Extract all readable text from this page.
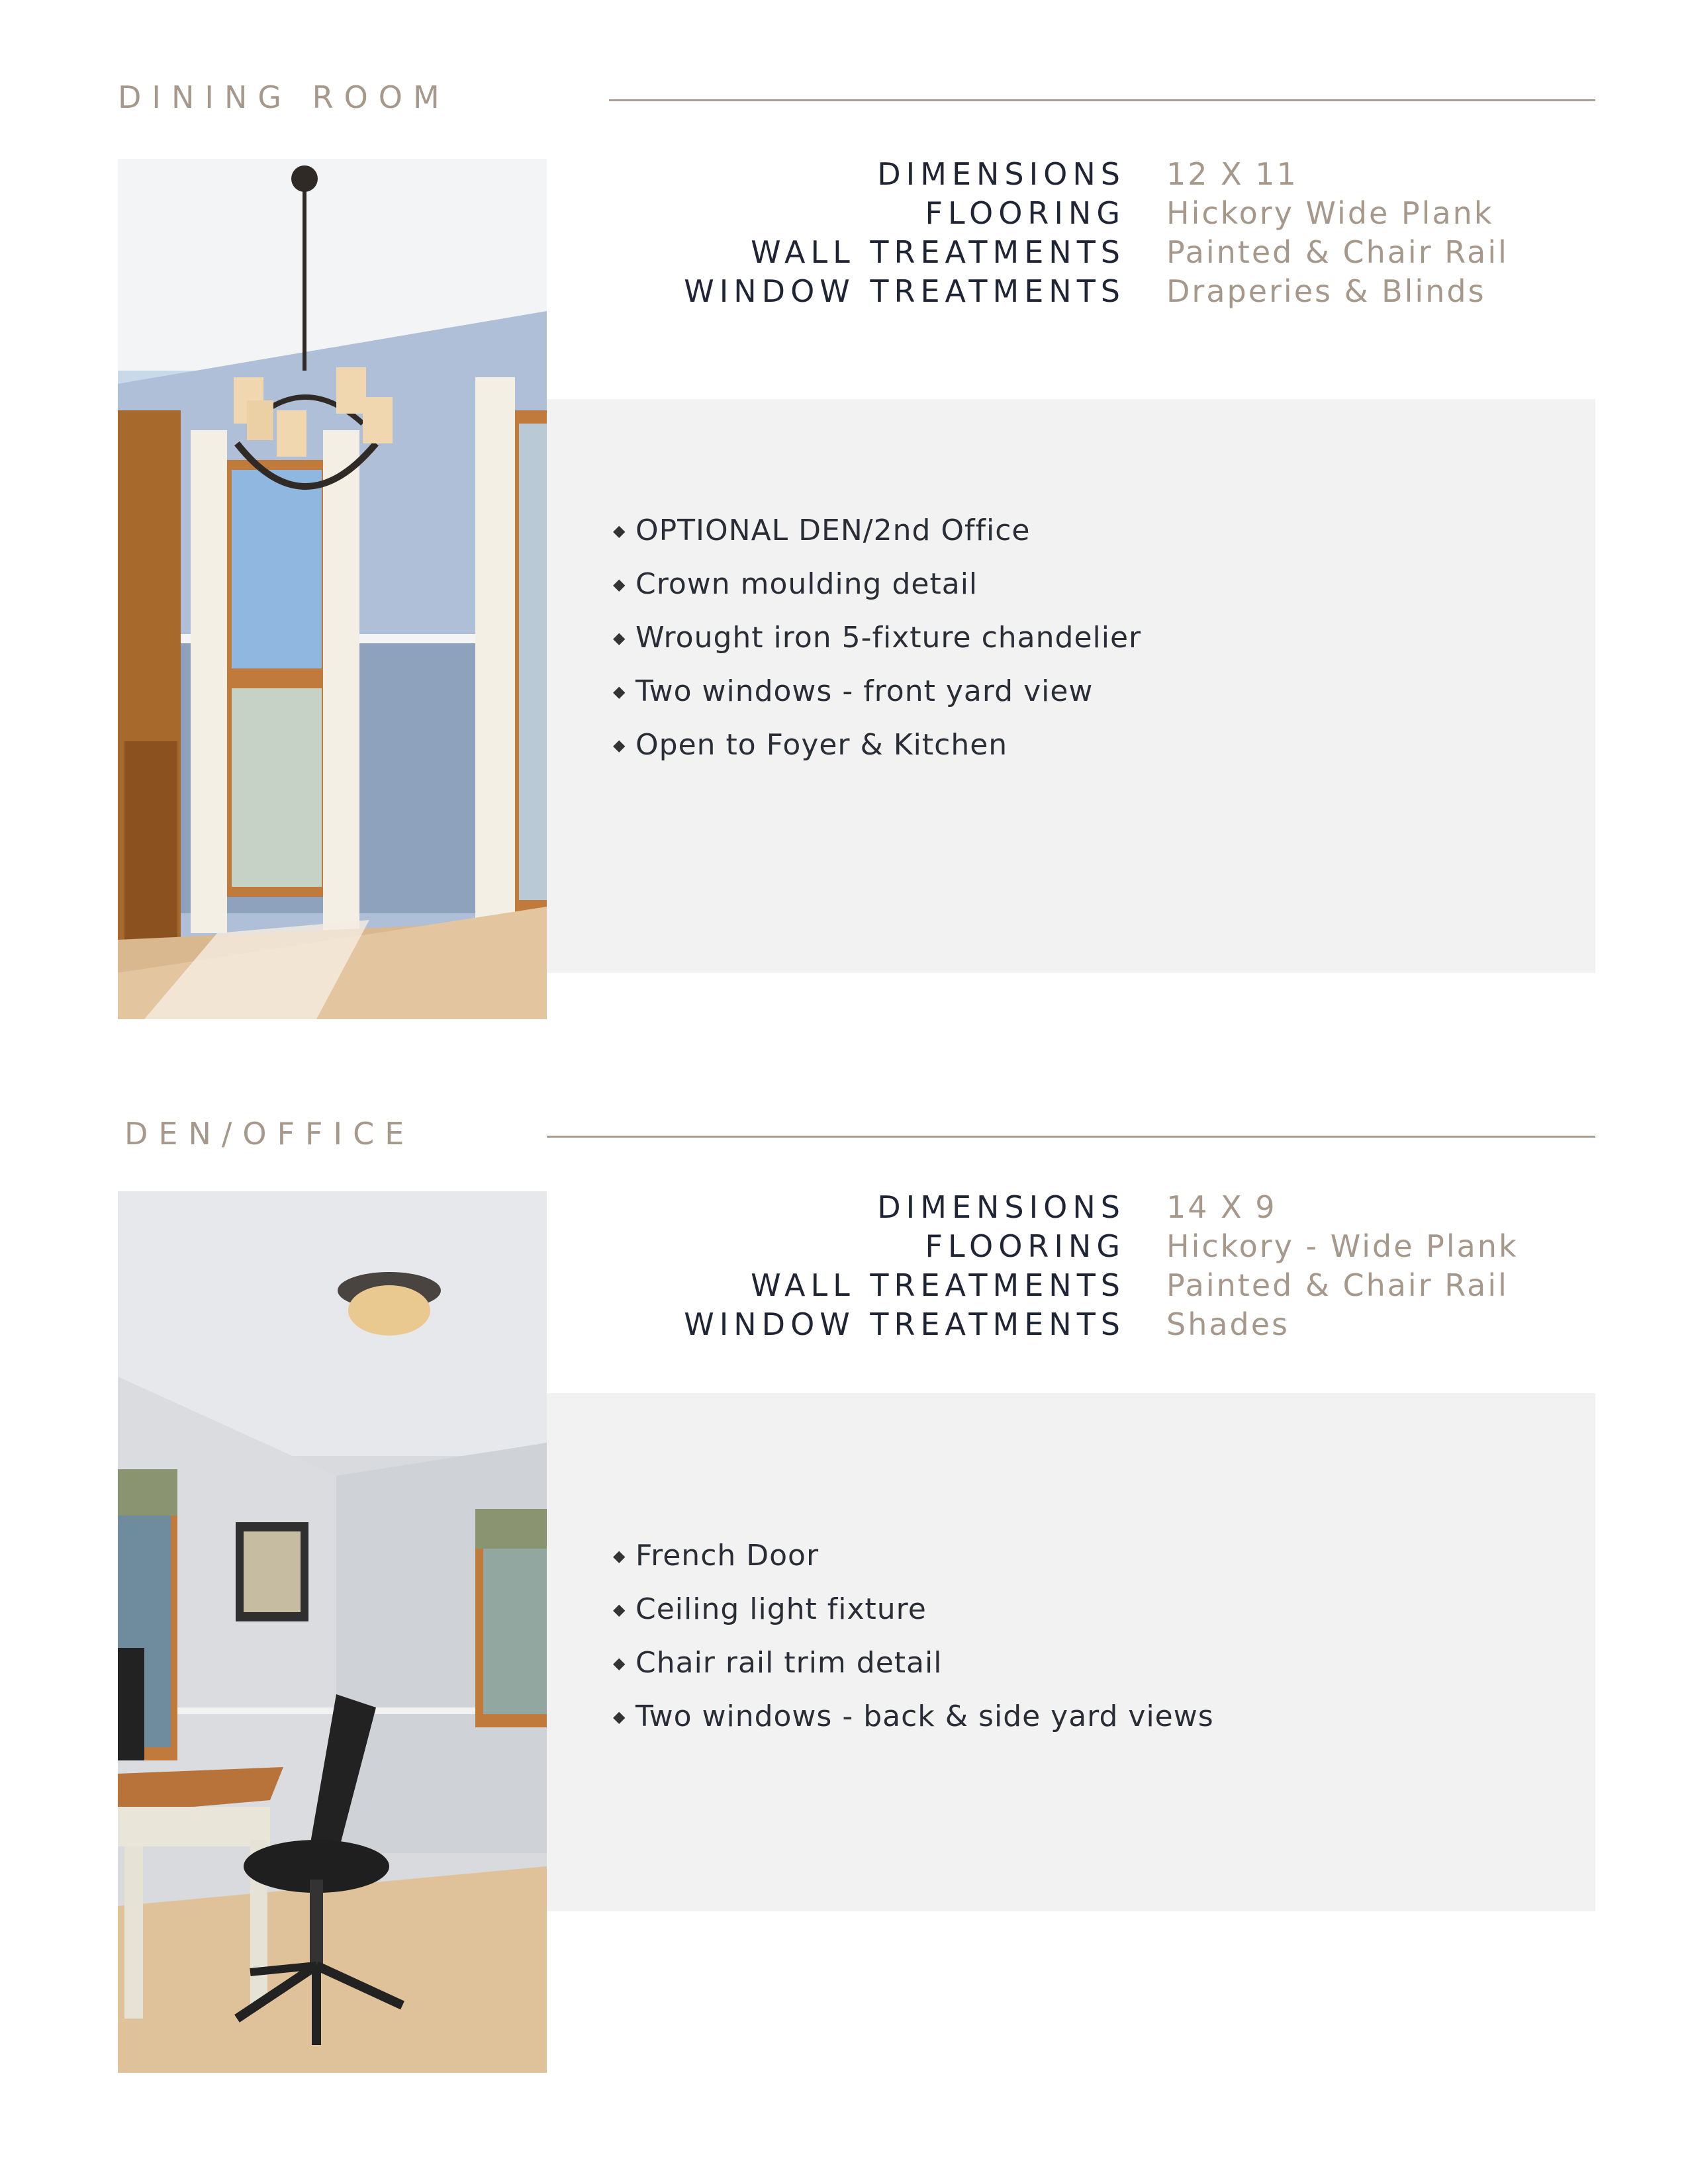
DINING ROOM
DIMENSIONS	12 X 11
FLOORING	Hickory Wide Plank
WALL TREATMENTS	Painted & Chair Rail
WINDOW TREATMENTS	Draperies & Blinds
◆ OPTIONAL DEN/2nd Office
◆ Crown moulding detail
◆ Wrought iron 5-fixture chandelier
◆ Two windows - front yard view
◆ Open to Foyer & Kitchen
DEN/OFFICE
DIMENSIONS	14 X 9
FLOORING	Hickory - Wide Plank
WALL TREATMENTS	Painted & Chair Rail
WINDOW TREATMENTS	Shades
◆ French Door
◆ Ceiling light fixture
◆ Chair rail trim detail
◆ Two windows - back & side yard views
